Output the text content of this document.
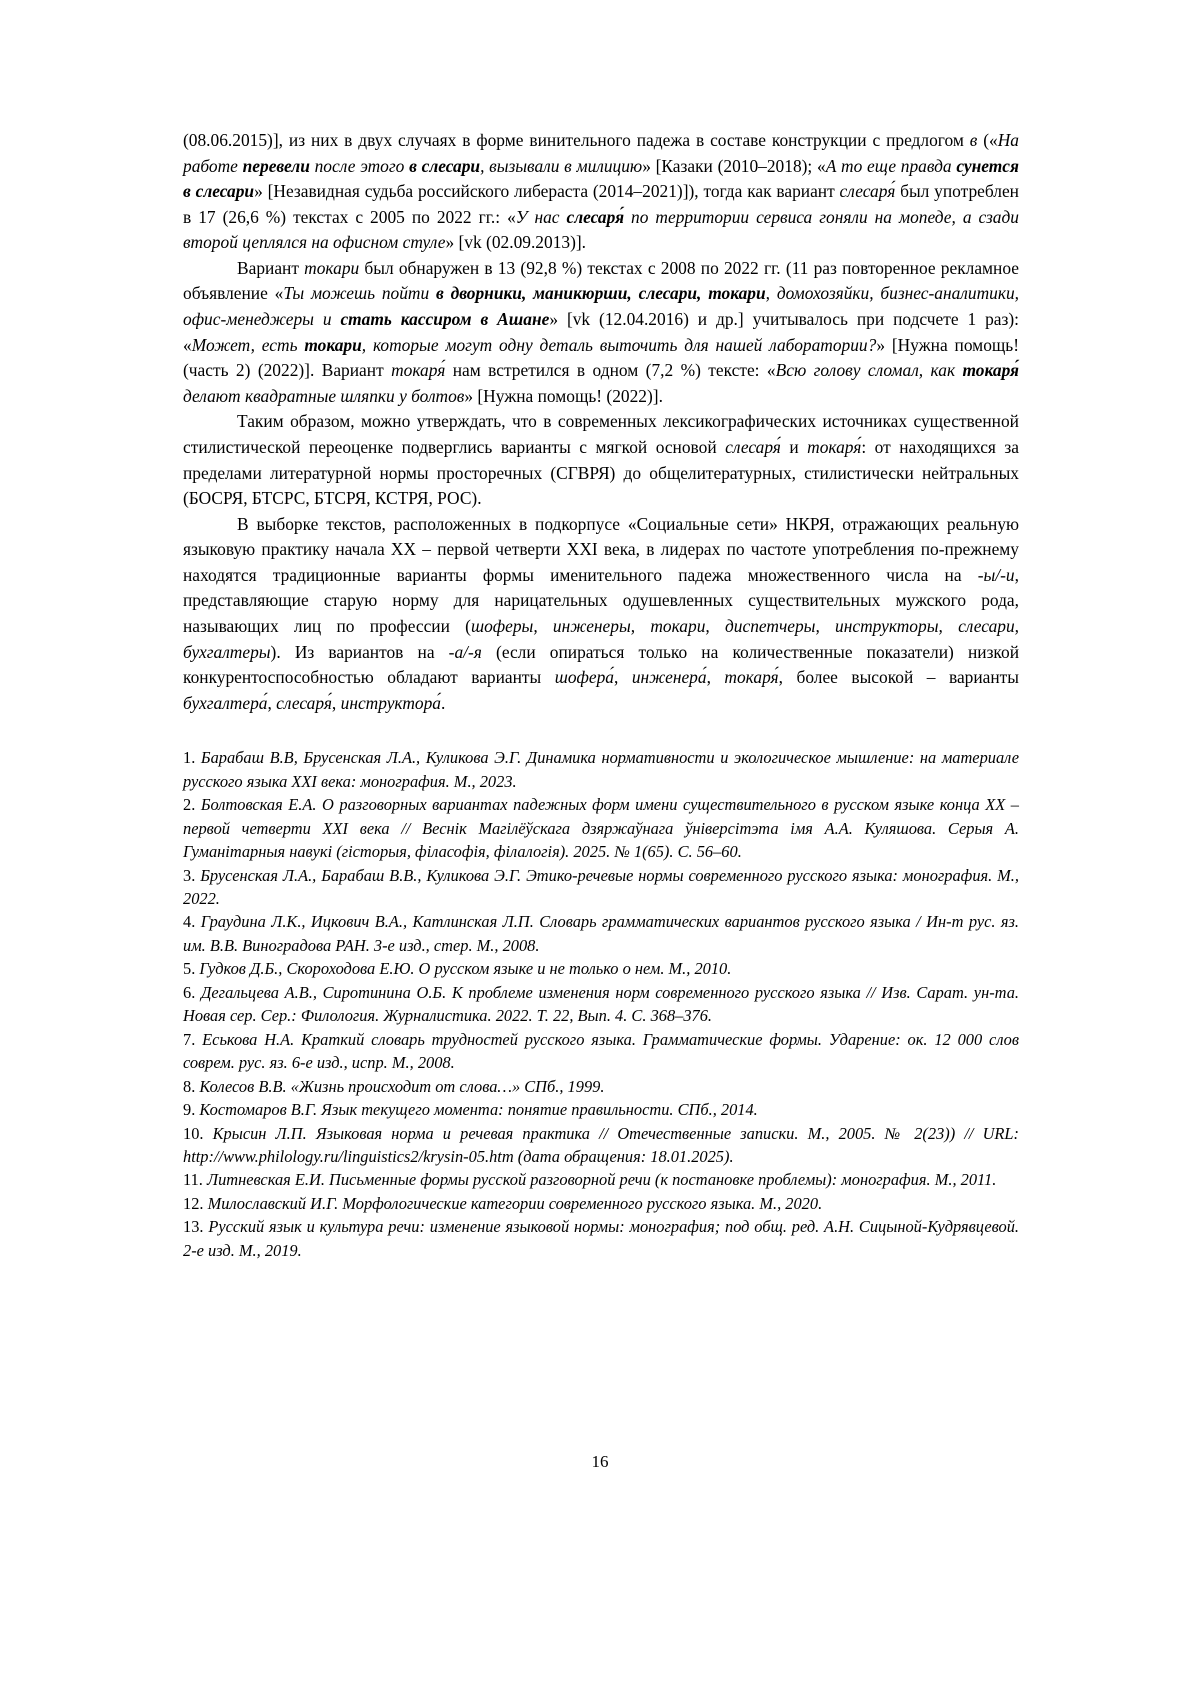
(08.06.2015)], из них в двух случаях в форме винительного падежа в составе конструкции с предлогом в («На работе перевели после этого в слесари, вызывали в милицию» [Казаки (2010–2018); «А то еще правда сунется в слесари» [Незавидная судьба российского либераста (2014–2021)]), тогда как вариант слесаря́ был употреблен в 17 (26,6 %) текстах с 2005 по 2022 гг.: «У нас слесаря́ по территории сервиса гоняли на мопеде, а сзади второй цеплялся на офисном стуле» [vk (02.09.2013)].

Вариант токари был обнаружен в 13 (92,8 %) текстах с 2008 по 2022 гг. (11 раз повторенное рекламное объявление «Ты можешь пойти в дворники, маникюрши, слесари, токари, домохозяйки, бизнес-аналитики, офис-менеджеры и стать кассиром в Ашане» [vk (12.04.2016) и др.] учитывалось при подсчете 1 раз): «Может, есть токари, которые могут одну деталь выточить для нашей лаборатории?» [Нужна помощь! (часть 2) (2022)]. Вариант токаря́ нам встретился в одном (7,2 %) тексте: «Всю голову сломал, как токаря́ делают квадратные шляпки у болтов» [Нужна помощь! (2022)].

Таким образом, можно утверждать, что в современных лексикографических источниках существенной стилистической переоценке подверглись варианты с мягкой основой слесаря́ и токаря́: от находящихся за пределами литературной нормы просторечных (СГВРЯ) до общелитературных, стилистически нейтральных (БОСРЯ, БТСРС, БТСРЯ, КСТРЯ, РОС).

В выборке текстов, расположенных в подкорпусе «Социальные сети» НКРЯ, отражающих реальную языковую практику начала XX – первой четверти XXI века, в лидерах по частоте употребления по-прежнему находятся традиционные варианты формы именительного падежа множественного числа на -ы/-и, представляющие старую норму для нарицательных одушевленных существительных мужского рода, называющих лиц по профессии (шоферы, инженеры, токари, диспетчеры, инструкторы, слесари, бухгалтеры). Из вариантов на -а/-я (если опираться только на количественные показатели) низкой конкурентоспособностью обладают варианты шофера́, инженера́, токаря́, более высокой – варианты бухгалтера́, слесаря́, инструктора́.

1. Барабаш В.В, Брусенская Л.А., Куликова Э.Г. Динамика нормативности и экологическое мышление: на материале русского языка XXI века: монография. М., 2023.

2. Болтовская Е.А. О разговорных вариантах падежных форм имени существительного в русском языке конца XX – первой четверти XXI века // Веснік Магілёўскага дзяржаўнага ўніверсітэта імя А.А. Куляшова. Серыя А. Гуманітарныя навукі (гісторыя, філасофія, філалогія). 2025. № 1(65). С. 56–60.

3. Брусенская Л.А., Барабаш В.В., Куликова Э.Г. Этико-речевые нормы современного русского языка: монография. М., 2022.

4. Граудина Л.К., Ицкович В.А., Катлинская Л.П. Словарь грамматических вариантов русского языка / Ин-т рус. яз. им. В.В. Виноградова РАН. 3-е изд., стер. М., 2008.

5. Гудков Д.Б., Скороходова Е.Ю. О русском языке и не только о нем. М., 2010.

6. Дегальцева А.В., Сиротинина О.Б. К проблеме изменения норм современного русского языка // Изв. Сарат. ун-та. Новая сер. Сер.: Филология. Журналистика. 2022. Т. 22, Вып. 4. С. 368–376.

7. Еськова Н.А. Краткий словарь трудностей русского языка. Грамматические формы. Ударение: ок. 12 000 слов соврем. рус. яз. 6-е изд., испр. М., 2008.

8. Колесов В.В. «Жизнь происходит от слова…» СПб., 1999.

9. Костомаров В.Г. Язык текущего момента: понятие правильности. СПб., 2014.

10. Крысин Л.П. Языковая норма и речевая практика // Отечественные записки. М., 2005. № 2(23)) // URL: http://www.philology.ru/linguistics2/krysin-05.htm (дата обращения: 18.01.2025).

11. Литневская Е.И. Письменные формы русской разговорной речи (к постановке проблемы): монография. М., 2011.

12. Милославский И.Г. Морфологические категории современного русского языка. М., 2020.

13. Русский язык и культура речи: изменение языковой нормы: монография; под общ. ред. А.Н. Сицыной-Кудрявцевой. 2-е изд. М., 2019.

16
